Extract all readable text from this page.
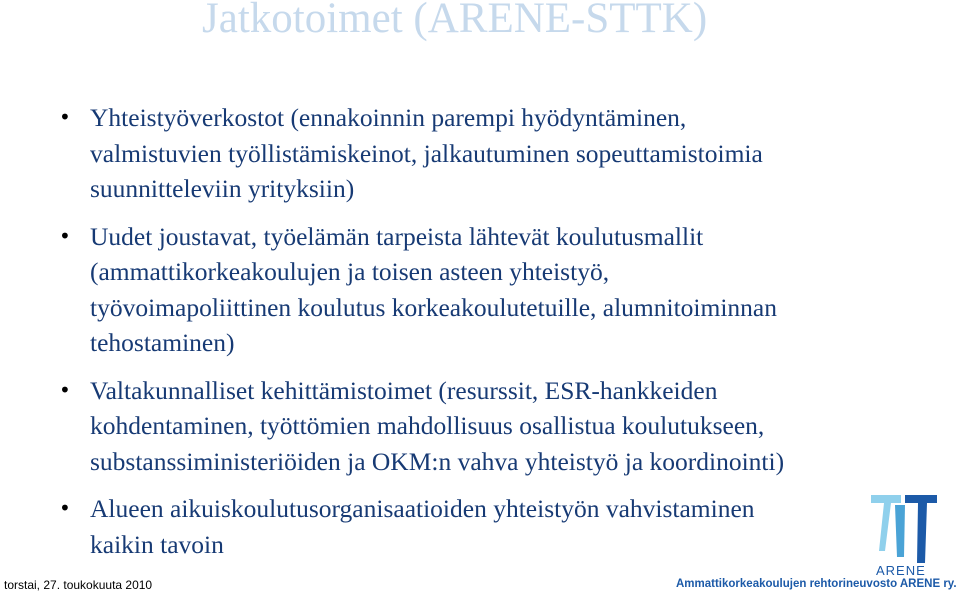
Jatkotoimet (ARENE-STTK)
• Yhteistyöverkostot (ennakoinnin parempi hyödyntäminen,
valmistuvien työllistämiskeinot, jalkautuminen sopeuttamistoimia
suunnitteleviin yrityksiin)
• Uudet joustavat, työelämän tarpeista lähtevät koulutusmallit
(ammattikorkeakoulujen ja toisen asteen yhteistyö,
työvoimapoliittinen koulutus korkeakoulutetuille, alumnitoiminnan
tehostaminen)
• Valtakunnalliset kehittämistoimet (resurssit, ESR-hankkeiden
kohdentaminen, työttömien mahdollisuus osallistua koulutukseen,
substanssiministeriöiden ja OKM:n vahva yhteistyö ja koordinointi)
• Alueen aikuiskoulutusorganisaatioiden yhteistyön vahvistaminen
kaikin tavoin
torstai, 27. toukokuuta 2010
ARENE
Ammattikorkeakoulujen rehtorineuvosto ARENE ry.
